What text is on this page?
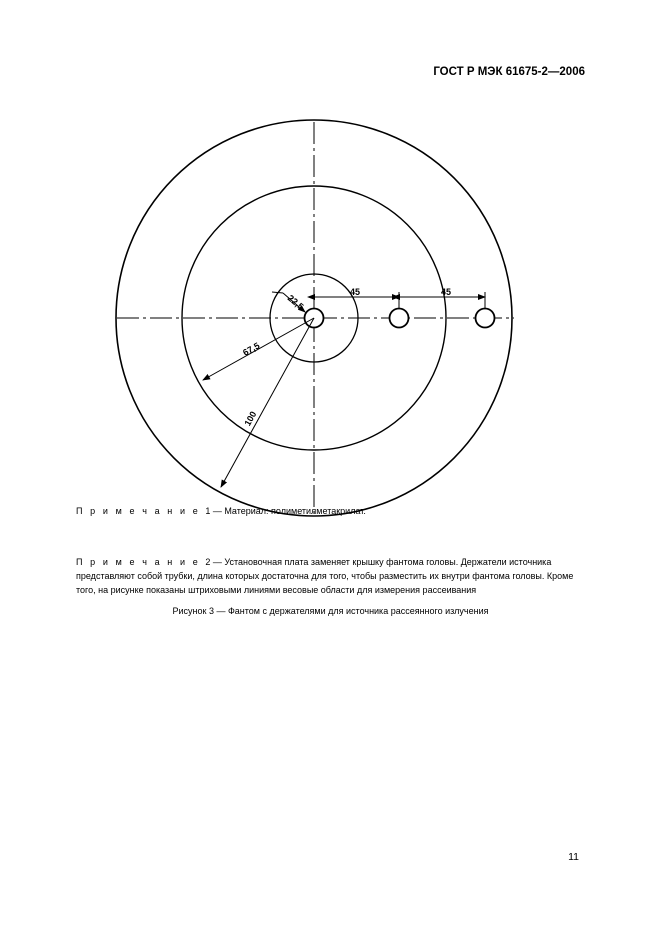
ГОСТ Р МЭК 61675-2—2006
45	45
22,5
67,5
100
П р и м е ч а н и е 1 — Материал: полиметилметакрилат.
П р и м е ч а н и е 2 — Установочная плата заменяет крышку фантома головы. Держатели источника представляют собой трубки, длина которых достаточна для того, чтобы разместить их внутри фантома головы. Кроме того, на рисунке показаны штриховыми линиями весовые области для измерения рассеивания
Рисунок 3 — Фантом с держателями для источника рассеянного излучения
11
